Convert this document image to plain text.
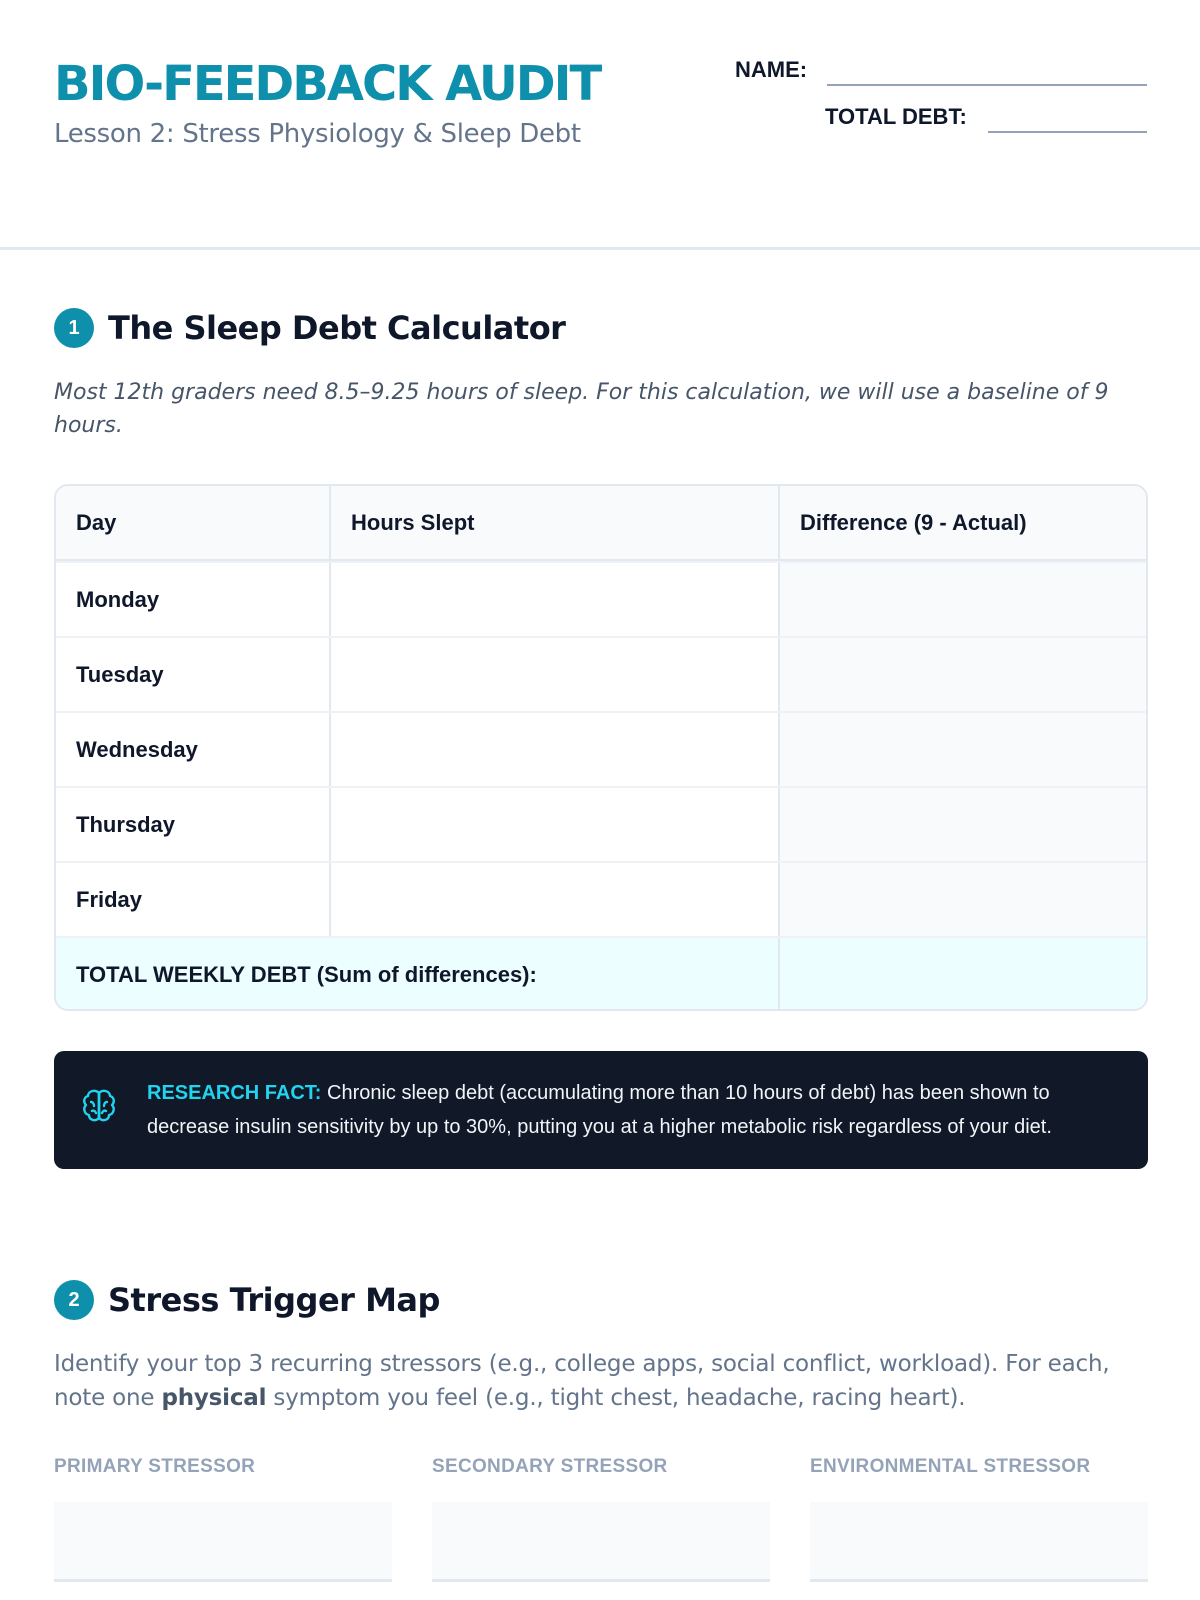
BIO-FEEDBACK AUDIT
Lesson 2: Stress Physiology & Sleep Debt
NAME:
TOTAL DEBT:
1 The Sleep Debt Calculator
Most 12th graders need 8.5–9.25 hours of sleep. For this calculation, we will use a baseline of 9 hours.
Day	Hours Slept	Difference (9 - Actual)
Monday
Tuesday
Wednesday
Thursday
Friday
TOTAL WEEKLY DEBT (Sum of differences):
RESEARCH FACT: Chronic sleep debt (accumulating more than 10 hours of debt) has been shown to decrease insulin sensitivity by up to 30%, putting you at a higher metabolic risk regardless of your diet.
2 Stress Trigger Map
Identify your top 3 recurring stressors (e.g., college apps, social conflict, workload). For each, note one physical symptom you feel (e.g., tight chest, headache, racing heart).
PRIMARY STRESSOR	SECONDARY STRESSOR	ENVIRONMENTAL STRESSOR
